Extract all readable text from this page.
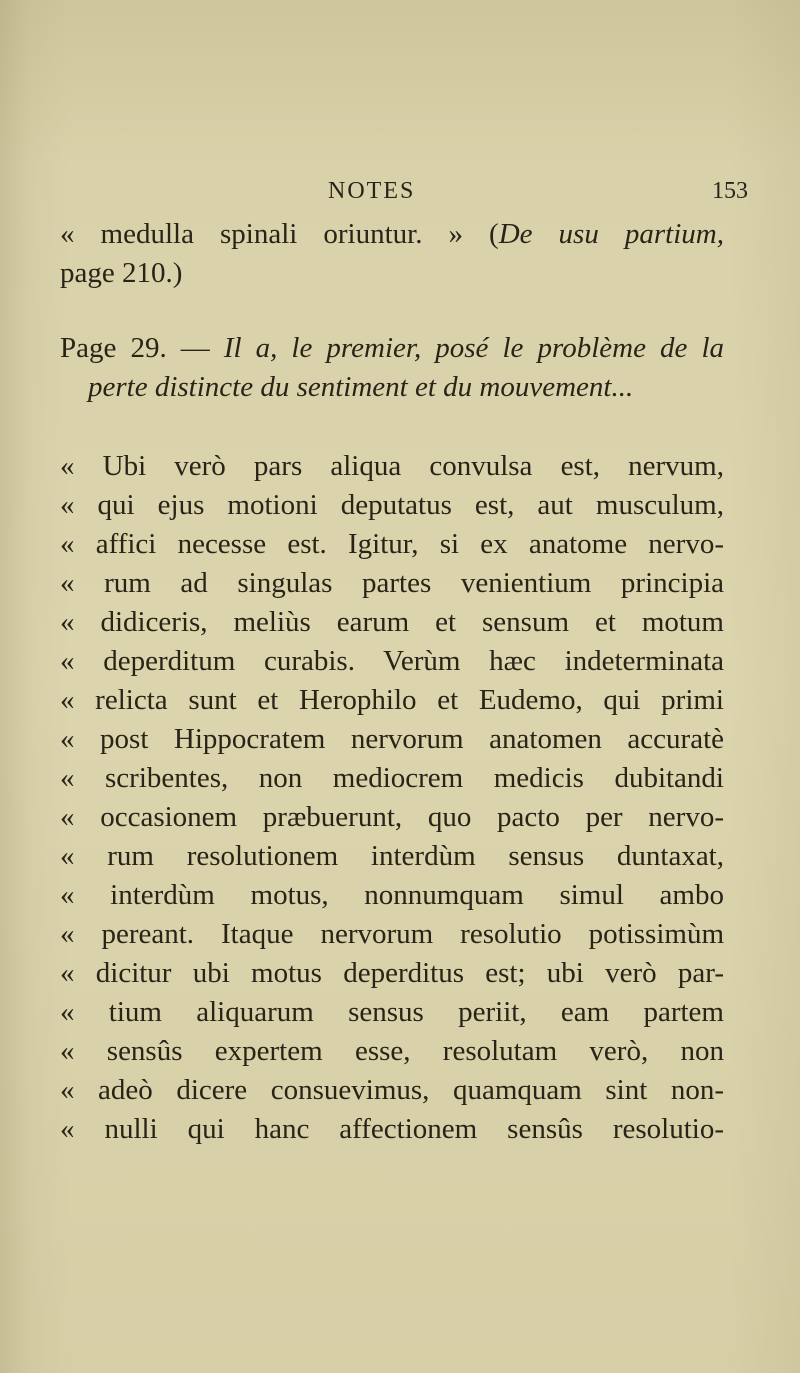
NOTES	153
« medulla spinali oriuntur. » (De usu partium,
page 210.)
Page 29. — Il a, le premier, posé le problème de la
perte distincte du sentiment et du mouvement...
« Ubi verò pars aliqua convulsa est, nervum,
« qui ejus motioni deputatus est, aut musculum,
« affici necesse est. Igitur, si ex anatome nervo-
« rum ad singulas partes venientium principia
« didiceris, meliùs earum et sensum et motum
« deperditum curabis. Verùm hæc indeterminata
« relicta sunt et Herophilo et Eudemo, qui primi
« post Hippocratem nervorum anatomen accuratè
« scribentes, non mediocrem medicis dubitandi
« occasionem præbuerunt, quo pacto per nervo-
« rum resolutionem interdùm sensus duntaxat,
« interdùm motus, nonnumquam simul ambo
« pereant. Itaque nervorum resolutio potissimùm
« dicitur ubi motus deperditus est; ubi verò par-
« tium aliquarum sensus periit, eam partem
« sensûs expertem esse, resolutam verò, non
« adeò dicere consuevimus, quamquam sint non-
« nulli qui hanc affectionem sensûs resolutio-
